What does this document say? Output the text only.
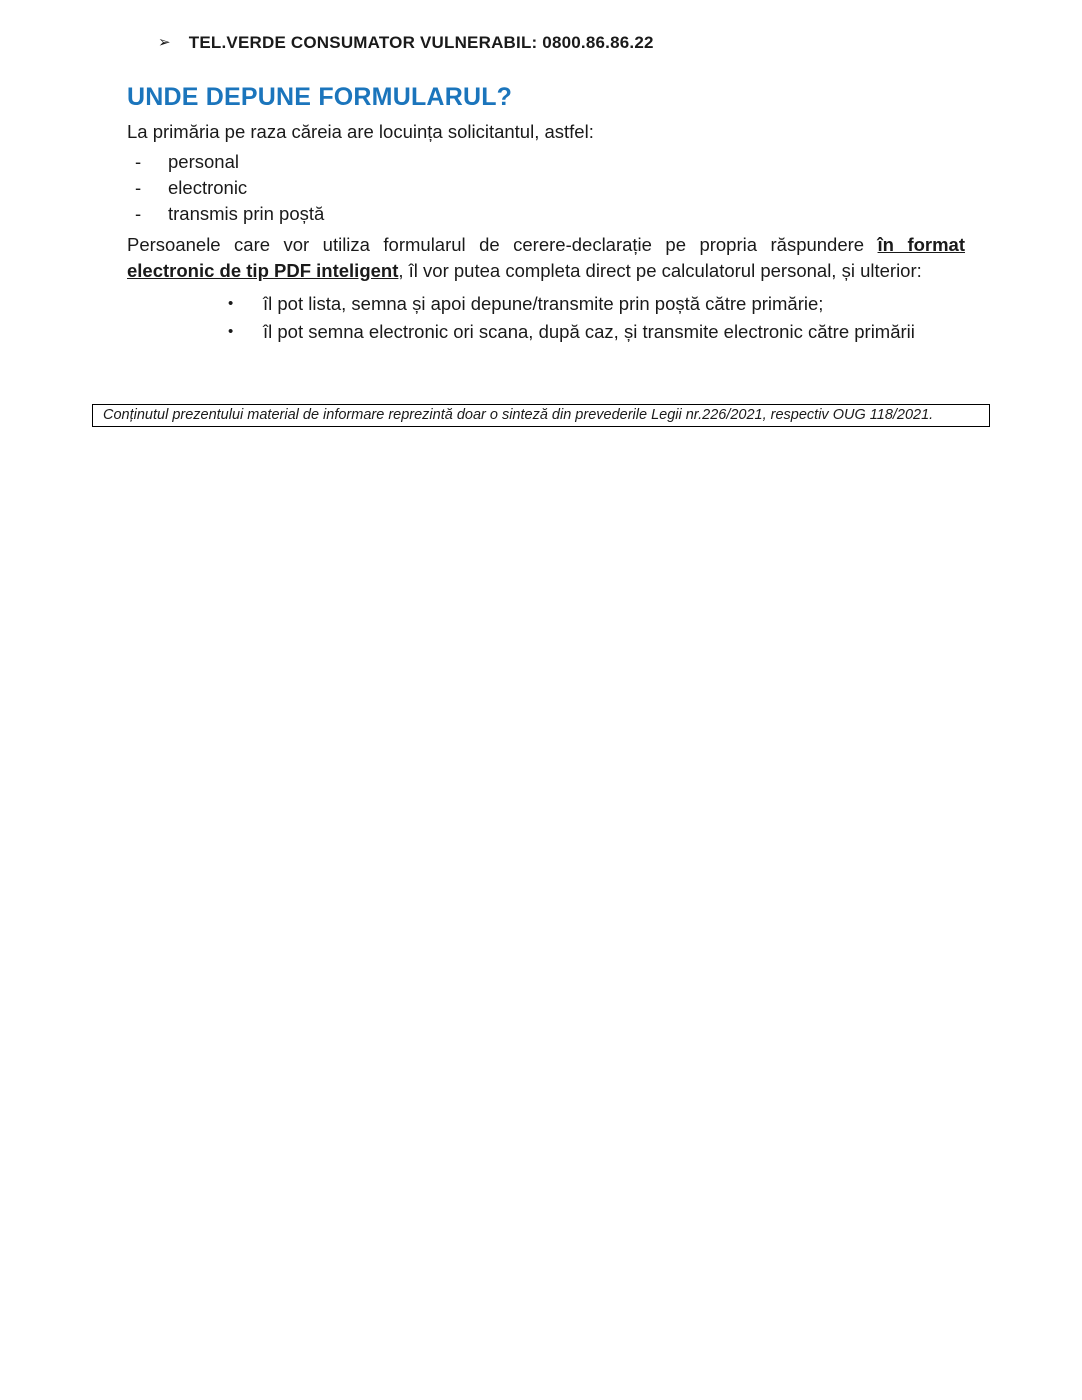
➢ TEL.VERDE CONSUMATOR VULNERABIL: 0800.86.86.22
UNDE DEPUNE FORMULARUL?
La primăria pe raza căreia are locuința solicitantul, astfel:
-	personal
-	electronic
-	transmis prin poștă
Persoanele care vor utiliza formularul de cerere-declarație pe propria răspundere în format electronic de tip PDF inteligent, îl vor putea completa direct pe calculatorul personal, și ulterior:
•	îl pot lista, semna și apoi depune/transmite prin poștă către primărie;
•	îl pot semna electronic ori scana, după caz, și transmite electronic către primării
Conținutul prezentului material de informare reprezintă doar o sinteză din prevederile Legii nr.226/2021, respectiv OUG 118/2021.
